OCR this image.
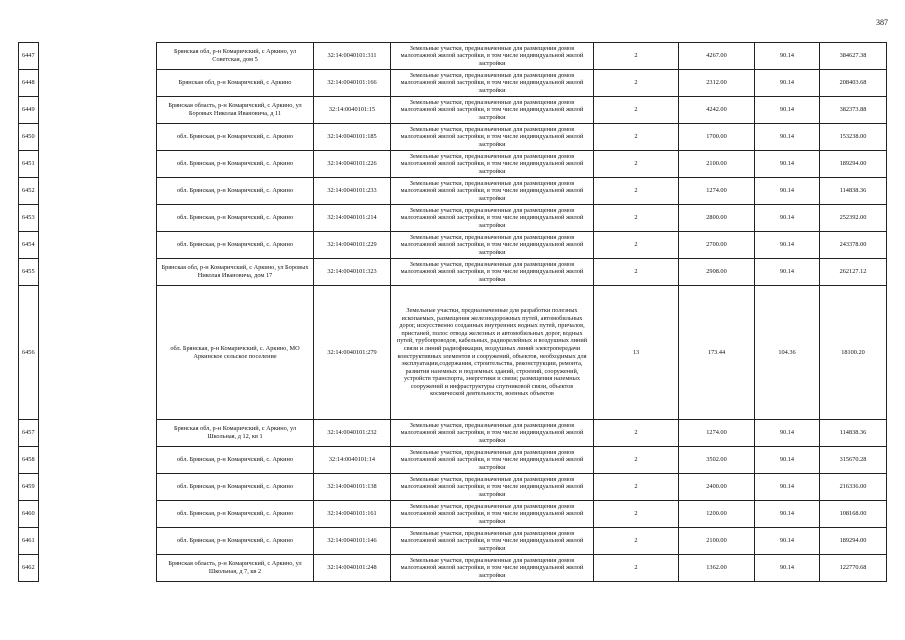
387
6447		Брянская обл, р-н Комаричский, с Аркино, ул Советская, дом 5	32:14:0040101:311	Земельные участки, предназначенные для размещения домов малоэтажной жилой застройки, в том числе индивидуальной жилой застройки	2	4267.00	90.14	384627.38
6448		Брянская обл, р-н Комаричский, с Аркино	32:14:0040101:166	Земельные участки, предназначенные для размещения домов малоэтажной жилой застройки, в том числе индивидуальной жилой застройки	2	2312.00	90.14	208403.68
6449		Брянская область, р-н Комаричский, с Аркино, ул Боровых Николая Ивановича, д 11	32:14:0040101:15	Земельные участки, предназначенные для размещения домов малоэтажной жилой застройки, в том числе индивидуальной жилой застройки	2	4242.00	90.14	382373.88
6450		обл. Брянская, р-н Комаричский, с. Аркино	32:14:0040101:185	Земельные участки, предназначенные для размещения домов малоэтажной жилой застройки, в том числе индивидуальной жилой застройки	2	1700.00	90.14	153238.00
6451		обл. Брянская, р-н Комаричский, с. Аркино	32:14:0040101:226	Земельные участки, предназначенные для размещения домов малоэтажной жилой застройки, в том числе индивидуальной жилой застройки	2	2100.00	90.14	189294.00
6452		обл. Брянская, р-н Комаричский, с. Аркино	32:14:0040101:233	Земельные участки, предназначенные для размещения домов малоэтажной жилой застройки, в том числе индивидуальной жилой застройки	2	1274.00	90.14	114838.36
6453		обл. Брянская, р-н Комаричский, с. Аркино	32:14:0040101:214	Земельные участки, предназначенные для размещения домов малоэтажной жилой застройки, в том числе индивидуальной жилой застройки	2	2800.00	90.14	252392.00
6454		обл. Брянская, р-н Комаричский, с. Аркино	32:14:0040101:229	Земельные участки, предназначенные для размещения домов малоэтажной жилой застройки, в том числе индивидуальной жилой застройки	2	2700.00	90.14	243378.00
6455		Брянская обл, р-н Комаричский, с Аркино, ул Боровых Николая Ивановича, дом 17	32:14:0040101:323	Земельные участки, предназначенные для размещения домов малоэтажной жилой застройки, в том числе индивидуальной жилой застройки	2	2908.00	90.14	262127.12
6456		обл. Брянская, р-н Комаричский, с. Аркино, МО Аркинское сельское поселение	32:14:0040101:279	Земельные участки, предназначенные для разработки полезных ископаемых, размещения железнодорожных путей, автомобильных дорог, искусственно созданных внутренних водных путей, причалов, пристаней, полос отвода железных и автомобильных дорог, водных путей, трубопроводов, кабельных, радиорелейных и воздушных линий связи и линий радиофикации, воздушных линий электропередачи конструктивных элементов и сооружений, объектов, необходимых для эксплуатации,содержания, строительства, реконструкции, ремонта, развития наземных и подземных зданий, строений, сооружений, устройств транспорта, энергетики и связи; размещения наземных сооружений и инфраструктуры спутниковой связи, объектов космической деятельности, военных объектов	13	173.44	104.36	18100.20
6457		Брянская обл, р-н Комаричский, с Аркино, ул Школьная, д 12, кв 1	32:14:0040101:232	Земельные участки, предназначенные для размещения домов малоэтажной жилой застройки, в том числе индивидуальной жилой застройки	2	1274.00	90.14	114838.36
6458		обл. Брянская, р-н Комаричский, с. Аркино	32:14:0040101:14	Земельные участки, предназначенные для размещения домов малоэтажной жилой застройки, в том числе индивидуальной жилой застройки	2	3502.00	90.14	315670.28
6459		обл. Брянская, р-н Комаричский, с. Аркино	32:14:0040101:138	Земельные участки, предназначенные для размещения домов малоэтажной жилой застройки, в том числе индивидуальной жилой застройки	2	2400.00	90.14	216336.00
6460		обл. Брянская, р-н Комаричский, с. Аркино	32:14:0040101:161	Земельные участки, предназначенные для размещения домов малоэтажной жилой застройки, в том числе индивидуальной жилой застройки	2	1200.00	90.14	108168.00
6461		обл. Брянская, р-н Комаричский, с. Аркино	32:14:0040101:146	Земельные участки, предназначенные для размещения домов малоэтажной жилой застройки, в том числе индивидуальной жилой застройки	2	2100.00	90.14	189294.00
6462		Брянская область, р-н Комаричский, с Аркино, ул Школьная, д 7, кв 2	32:14:0040101:248	Земельные участки, предназначенные для размещения домов малоэтажной жилой застройки, в том числе индивидуальной жилой застройки	2	1362.00	90.14	122770.68
